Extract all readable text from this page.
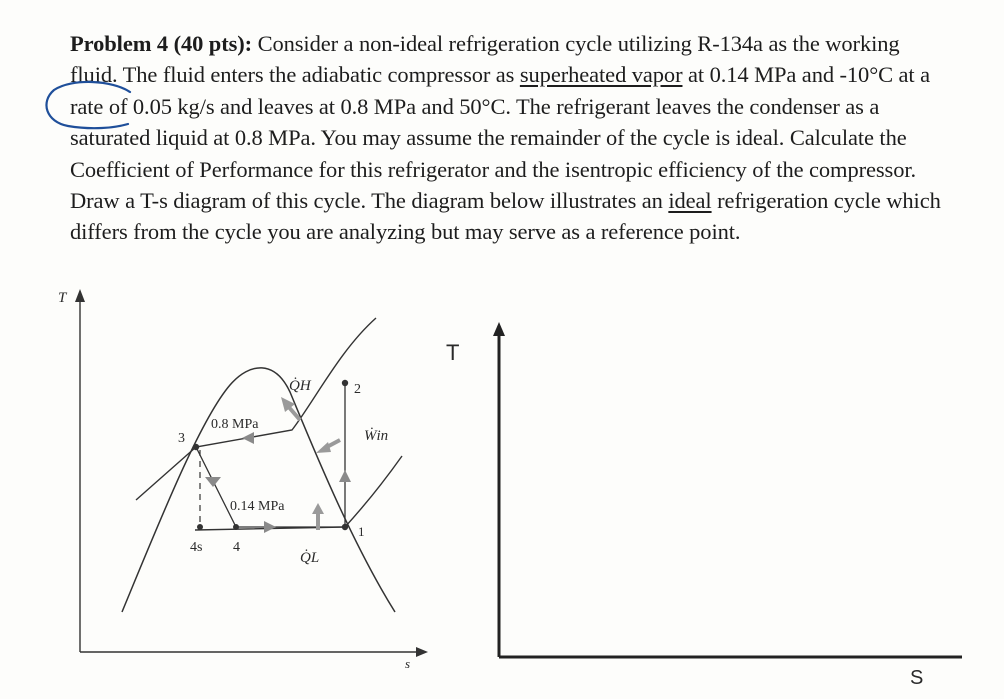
Problem 4 (40 pts): Consider a non-ideal refrigeration cycle utilizing R-134a as the working fluid. The fluid enters the adiabatic compressor as superheated vapor at 0.14 MPa and -10°C at a rate of 0.05 kg/s and leaves at 0.8 MPa and 50°C. The refrigerant leaves the condenser as a saturated liquid at 0.8 MPa. You may assume the remainder of the cycle is ideal. Calculate the Coefficient of Performance for this refrigerator and the isentropic efficiency of the compressor. Draw a T-s diagram of this cycle. The diagram below illustrates an ideal refrigeration cycle which differs from the cycle you are analyzing but may serve as a reference point.

T
s
0.8 MPa
0.14 MPa
Q̇H
Q̇L
Ẇin
1
2
3
4
4s
T
S
